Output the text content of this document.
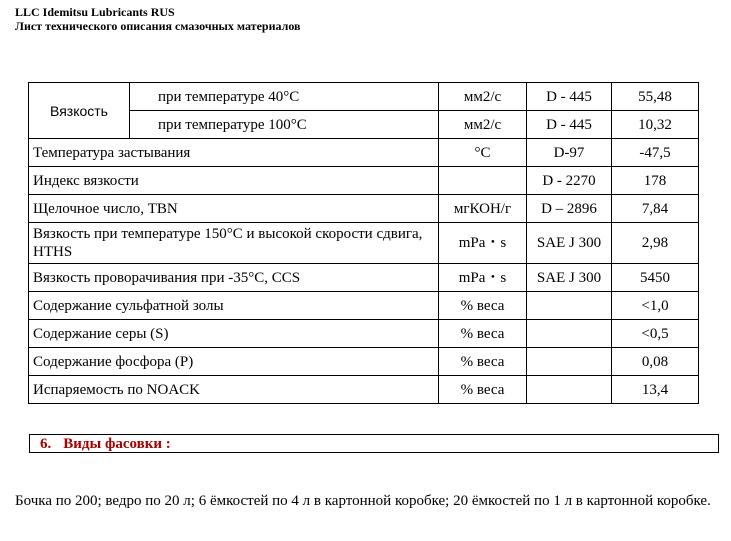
LLC Idemitsu Lubricants RUS
Лист технического описания смазочных материалов
Вязкость	при температуре 40°C	мм2/с	D - 445	55,48
	при температуре 100°C	мм2/с	D - 445	10,32
Температура застывания		°C	D-97	-47,5
Индекс вязкости			D - 2270	178
Щелочное число, TBN		мгКОН/г	D – 2896	7,84
Вязкость при температуре 150°C и высокой скорости сдвига, HTHS		mPa・s	SAE J 300	2,98
Вязкость проворачивания при -35°C, CCS		mPa・s	SAE J 300	5450
Содержание сульфатной золы		% веса		<1,0
Содержание серы (S)		% веса		<0,5
Содержание фосфора (P)		% веса		0,08
Испаряемость по NOACK		% веса		13,4
6. Виды фасовки :
Бочка по 200; ведро по 20 л; 6 ёмкостей по 4 л в картонной коробке; 20 ёмкостей по 1 л в картонной коробке.
